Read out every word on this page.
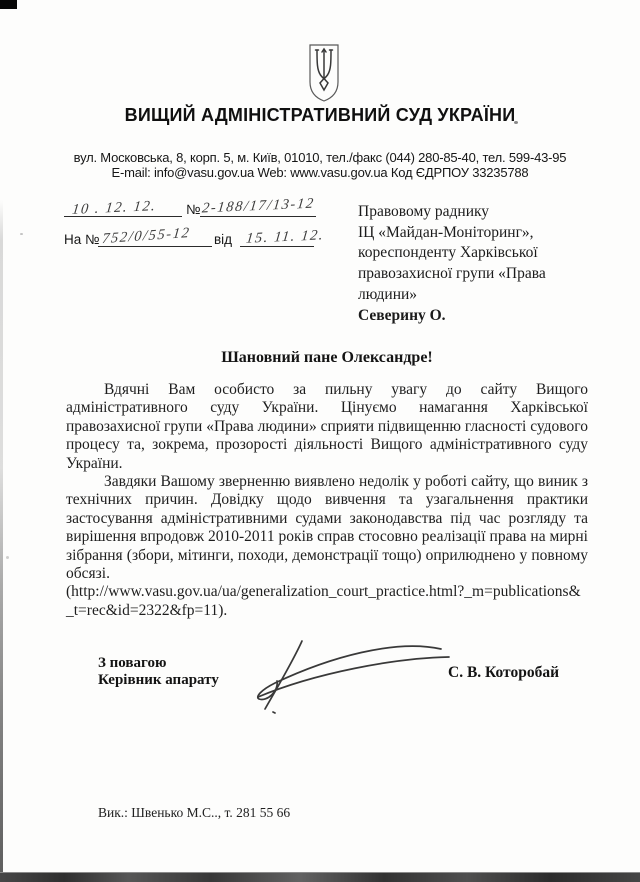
ВИЩИЙ АДМІНІСТРАТИВНИЙ СУД УКРАЇНИ
вул. Московська, 8, корп. 5, м. Київ, 01010, тел./факс (044) 280-85-40, тел. 599-43-95
E-mail: info@vasu.gov.ua Web: www.vasu.gov.ua Код ЄДРПОУ 33235788
10 . 12. 12. № 2-188/17/13-12
На № 752/0/55-12 від 15. 11. 12.
Правовому раднику
ІЦ «Майдан-Моніторинг»,
кореспонденту Харківської
правозахисної групи «Права
людини»
Северину О.
Шановний пане Олександре!

Вдячні Вам особисто за пильну увагу до сайту Вищого адміністративного суду України. Цінуємо намагання Харківської правозахисної групи «Права людини» сприяти підвищенню гласності судового процесу та, зокрема, прозорості діяльності Вищого адміністративного суду України.

Завдяки Вашому зверненню виявлено недолік у роботі сайту, що виник з технічних причин. Довідку щодо вивчення та узагальнення практики застосування адміністративними судами законодавства під час розгляду та вирішення впродовж 2010-2011 років справ стосовно реалізації права на мирні зібрання (збори, мітинги, походи, демонстрації тощо) оприлюднено у повному обсязі.

(http://www.vasu.gov.ua/ua/generalization_court_practice.html?_m=publications&_t=rec&id=2322&fp=11).

З повагою
Керівник апарату	С. В. Которобай
Вик.: Швенько М.С.., т. 281 55 66
